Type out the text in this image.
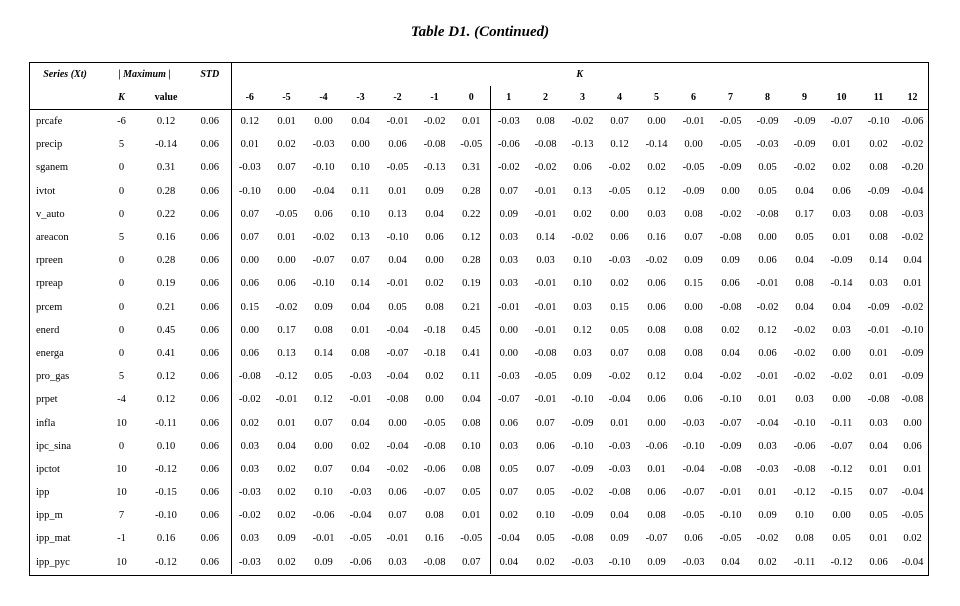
Table D1. (Continued)
Series (Xt)	| Maximum |		STD	K																		
	K	value		-6	-5	-4	-3	-2	-1	0	1	2	3	4	5	6	7	8	9	10	11	12
prcafe	-6	0.12	0.06	0.12	0.01	0.00	0.04	-0.01	-0.02	0.01	-0.03	0.08	-0.02	0.07	0.00	-0.01	-0.05	-0.09	-0.09	-0.07	-0.10	-0.06
precip	5	-0.14	0.06	0.01	0.02	-0.03	0.00	0.06	-0.08	-0.05	-0.06	-0.08	-0.13	0.12	-0.14	0.00	-0.05	-0.03	-0.09	0.01	0.02	-0.02
sganem	0	0.31	0.06	-0.03	0.07	-0.10	0.10	-0.05	-0.13	0.31	-0.02	-0.02	0.06	-0.02	0.02	-0.05	-0.09	0.05	-0.02	0.02	0.08	-0.20
ivtot	0	0.28	0.06	-0.10	0.00	-0.04	0.11	0.01	0.09	0.28	0.07	-0.01	0.13	-0.05	0.12	-0.09	0.00	0.05	0.04	0.06	-0.09	-0.04
v_auto	0	0.22	0.06	0.07	-0.05	0.06	0.10	0.13	0.04	0.22	0.09	-0.01	0.02	0.00	0.03	0.08	-0.02	-0.08	0.17	0.03	0.08	-0.03
areacon	5	0.16	0.06	0.07	0.01	-0.02	0.13	-0.10	0.06	0.12	0.03	0.14	-0.02	0.06	0.16	0.07	-0.08	0.00	0.05	0.01	0.08	-0.02
rpreen	0	0.28	0.06	0.00	0.00	-0.07	0.07	0.04	0.00	0.28	0.03	0.03	0.10	-0.03	-0.02	0.09	0.09	0.06	0.04	-0.09	0.14	0.04
rpreap	0	0.19	0.06	0.06	0.06	-0.10	0.14	-0.01	0.02	0.19	0.03	-0.01	0.10	0.02	0.06	0.15	0.06	-0.01	0.08	-0.14	0.03	0.01
prcem	0	0.21	0.06	0.15	-0.02	0.09	0.04	0.05	0.08	0.21	-0.01	-0.01	0.03	0.15	0.06	0.00	-0.08	-0.02	0.04	0.04	-0.09	-0.02
enerd	0	0.45	0.06	0.00	0.17	0.08	0.01	-0.04	-0.18	0.45	0.00	-0.01	0.12	0.05	0.08	0.08	0.02	0.12	-0.02	0.03	-0.01	-0.10
energa	0	0.41	0.06	0.06	0.13	0.14	0.08	-0.07	-0.18	0.41	0.00	-0.08	0.03	0.07	0.08	0.08	0.04	0.06	-0.02	0.00	0.01	-0.09
pro_gas	5	0.12	0.06	-0.08	-0.12	0.05	-0.03	-0.04	0.02	0.11	-0.03	-0.05	0.09	-0.02	0.12	0.04	-0.02	-0.01	-0.02	-0.02	0.01	-0.09
prpet	-4	0.12	0.06	-0.02	-0.01	0.12	-0.01	-0.08	0.00	0.04	-0.07	-0.01	-0.10	-0.04	0.06	0.06	-0.10	0.01	0.03	0.00	-0.08	-0.08
infla	10	-0.11	0.06	0.02	0.01	0.07	0.04	0.00	-0.05	0.08	0.06	0.07	-0.09	0.01	0.00	-0.03	-0.07	-0.04	-0.10	-0.11	0.03	0.00
ipc_sina	0	0.10	0.06	0.03	0.04	0.00	0.02	-0.04	-0.08	0.10	0.03	0.06	-0.10	-0.03	-0.06	-0.10	-0.09	0.03	-0.06	-0.07	0.04	0.06
ipctot	10	-0.12	0.06	0.03	0.02	0.07	0.04	-0.02	-0.06	0.08	0.05	0.07	-0.09	-0.03	0.01	-0.04	-0.08	-0.03	-0.08	-0.12	0.01	0.01
ipp	10	-0.15	0.06	-0.03	0.02	0.10	-0.03	0.06	-0.07	0.05	0.07	0.05	-0.02	-0.08	0.06	-0.07	-0.01	0.01	-0.12	-0.15	0.07	-0.04
ipp_m	7	-0.10	0.06	-0.02	0.02	-0.06	-0.04	0.07	0.08	0.01	0.02	0.10	-0.09	0.04	0.08	-0.05	-0.10	0.09	0.10	0.00	0.05	-0.05
ipp_mat	-1	0.16	0.06	0.03	0.09	-0.01	-0.05	-0.01	0.16	-0.05	-0.04	0.05	-0.08	0.09	-0.07	0.06	-0.05	-0.02	0.08	0.05	0.01	0.02
ipp_pyc	10	-0.12	0.06	-0.03	0.02	0.09	-0.06	0.03	-0.08	0.07	0.04	0.02	-0.03	-0.10	0.09	-0.03	0.04	0.02	-0.11	-0.12	0.06	-0.04
